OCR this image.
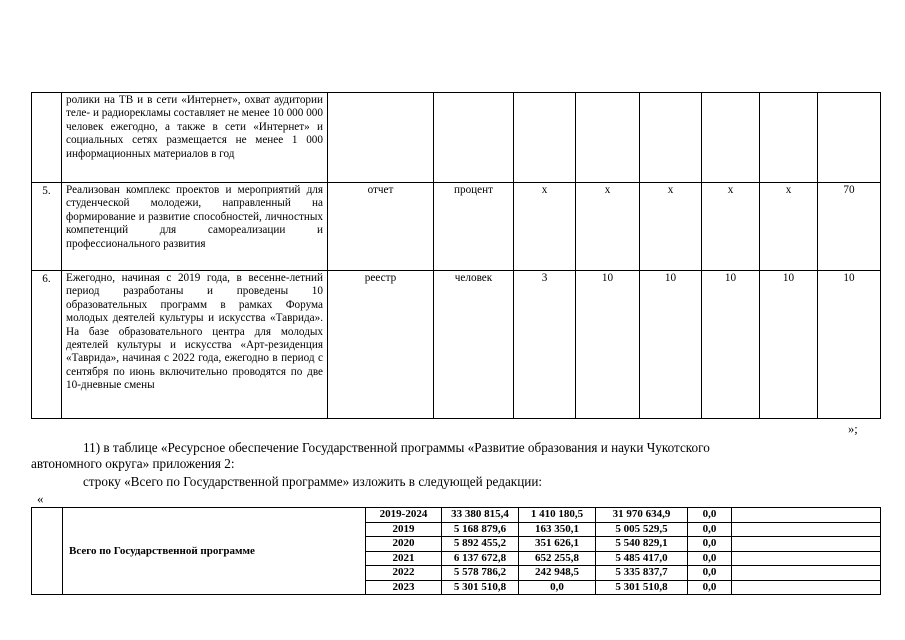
	ролики на ТВ и в сети «Интернет», охват аудитории теле- и радиорекламы составляет не менее 10 000 000 человек ежегодно, а также в сети «Интернет» и социальных сетях размещается не менее 1 000 информационных материалов в год								
5.	Реализован комплекс проектов и мероприятий для студенческой молодежи, направленный на формирование и развитие способностей, личностных компетенций для самореализации и профессионального развития	отчет	процент	x	x	x	x	x	70
6.	Ежегодно, начиная с 2019 года, в весенне-летний период разработаны и проведены 10 образовательных программ в рамках Форума молодых деятелей культуры и искусства «Таврида». На базе образовательного центра для молодых деятелей культуры и искусства «Арт-резиденция «Таврида», начиная с 2022 года, ежегодно в период с сентября по июнь включительно проводятся по две 10-дневные смены	реестр	человек	3	10	10	10	10	10
»;
11) в таблице «Ресурсное обеспечение Государственной программы «Развитие образования и науки Чукотского
автономного округа» приложения 2:
строку «Всего по Государственной программе» изложить в следующей редакции:
«
	Всего по Государственной программе	2019-2024	33 380 815,4	1 410 180,5	31 970 634,9	0,0	
		2019	5 168 879,6	163 350,1	5 005 529,5	0,0	
		2020	5 892 455,2	351 626,1	5 540 829,1	0,0	
		2021	6 137 672,8	652 255,8	5 485 417,0	0,0	
		2022	5 578 786,2	242 948,5	5 335 837,7	0,0	
		2023	5 301 510,8	0,0	5 301 510,8	0,0	
